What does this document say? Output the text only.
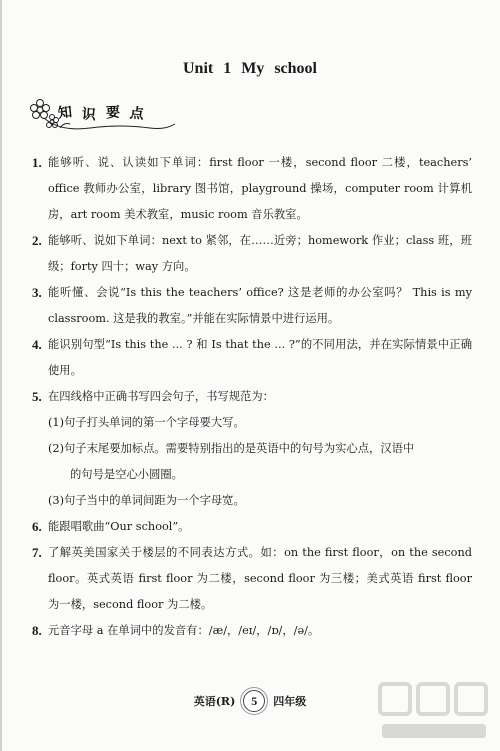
Unit 1 My school
知 识 要 点
1. 能够听、说、认读如下单词：first floor 一楼，second floor 二楼，teachers’ office 教师办公室，library 图书馆，playground 操场，computer room 计算机房，art room 美术教室，music room 音乐教室。
2. 能够听、说如下单词：next to 紧邻，在……近旁；homework 作业；class 班，班级；forty 四十；way 方向。
3. 能听懂、会说“Is this the teachers’ office? 这是老师的办公室吗？ This is my classroom. 这是我的教室。”并能在实际情景中进行运用。
4. 能识别句型“Is this the ... ? 和 Is that the ... ?”的不同用法，并在实际情景中正确使用。
5. 在四线格中正确书写四会句子，书写规范为：
(1)句子打头单词的第一个字母要大写。
(2)句子末尾要加标点。需要特别指出的是英语中的句号为实心点，汉语中
的句号是空心小圆圈。
(3)句子当中的单词间距为一个字母宽。
6. 能跟唱歌曲“Our school”。
7. 了解英美国家关于楼层的不同表达方式。如：on the first floor，on the second floor。英式英语 first floor 为二楼，second floor 为三楼；美式英语 first floor 为一楼，second floor 为二楼。
8. 元音字母 a 在单词中的发音有：/æ/，/eɪ/，/ɒ/，/ə/。
英语(R)	5	四年级
